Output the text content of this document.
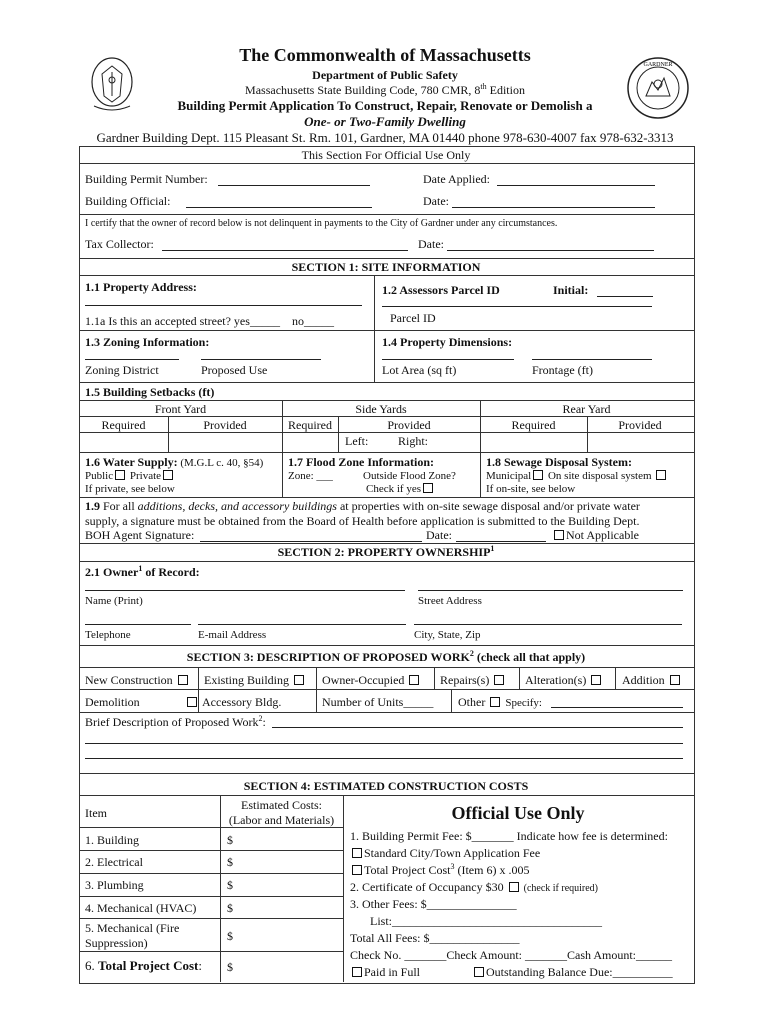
GARDNER
The Commonwealth of Massachusetts
Department of Public Safety
Massachusetts State Building Code, 780 CMR, 8th Edition
Building Permit Application To Construct, Repair, Renovate or Demolish a
One- or Two-Family Dwelling
Gardner Building Dept. 115 Pleasant St. Rm. 101, Gardner, MA 01440 phone 978-630-4007 fax 978-632-3313
This Section For Official Use Only
Building Permit Number:	Date Applied:
Building Official:	Date:
I certify that the owner of record below is not delinquent in payments to the City of Gardner under any circumstances.
Tax Collector:	Date:
SECTION 1: SITE INFORMATION
1.1 Property Address:
1.1a Is this an accepted street? yes_____    no_____
1.2 Assessors Parcel ID	Initial:
Parcel ID
1.3 Zoning Information:	1.4 Property Dimensions:
Zoning District	Proposed Use	Lot Area (sq ft)	Frontage (ft)
1.5 Building Setbacks (ft)
Front Yard	Side Yards	Rear Yard
Required	Provided	Required	Provided	Required	Provided
Left: Right:
1.6 Water Supply: (M.G.L c. 40, §54)
Public Private
If private, see below
1.7 Flood Zone Information:
Zone: ___	Outside Flood Zone?
Check if yes
1.8 Sewage Disposal System:
Municipal On site disposal system
If on-site, see below
1.9 For all additions, decks, and accessory buildings at properties with on-site sewage disposal and/or private water
supply, a signature must be obtained from the Board of Health before application is submitted to the Building Dept.
BOH Agent Signature:	Date:	Not Applicable
SECTION 2: PROPERTY OWNERSHIP$^1$
2.1 Owner$^1$ of Record:
Name (Print)	Street Address
Telephone	E-mail Address	City, State, Zip
SECTION 3: DESCRIPTION OF PROPOSED WORK$^2$ (check all that apply)
New Construction	Existing Building	Owner-Occupied	Repairs(s)	Alteration(s)	Addition
Demolition	Accessory Bldg.	Number of Units_____ Other Specify:
Brief Description of Proposed Work$^2$:
SECTION 4: ESTIMATED CONSTRUCTION COSTS
Item
Estimated Costs:
(Labor and Materials)
1. Building	$
2. Electrical	$
3. Plumbing	$
4. Mechanical (HVAC)	$
5. Mechanical (Fire
Suppression)	$
6. Total Project Cost: $
Official Use Only
1. Building Permit Fee: $_______ Indicate how fee is determined:
Standard City/Town Application Fee
Total Project Cost$^3$ (Item 6) x .005
2. Certificate of Occupancy $30 (check if required)
3. Other Fees: $_______________
List:___________________________________
Total All Fees: $_______________
Check No. _______Check Amount: _______Cash Amount:______
Paid in Full	Outstanding Balance Due:__________
